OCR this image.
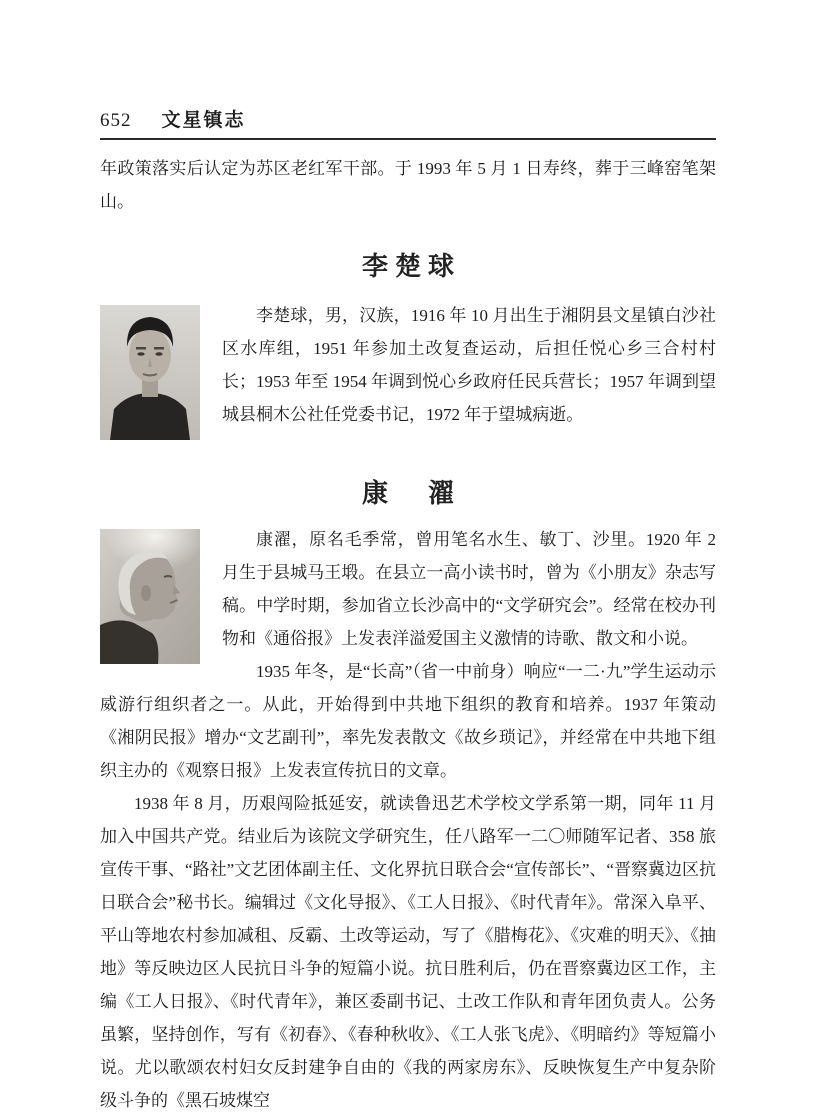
652 文星镇志

年政策落实后认定为苏区老红军干部。于 1993 年 5 月 1 日寿终，葬于三峰窑笔架山。

李楚球

李楚球，男，汉族，1916 年 10 月出生于湘阴县文星镇白沙社区水库组，1951 年参加土改复查运动，后担任悦心乡三合村村长；1953 年至 1954 年调到悦心乡政府任民兵营长；1957 年调到望城县桐木公社任党委书记，1972 年于望城病逝。

康　濯

康濯，原名毛季常，曾用笔名水生、敏丁、沙里。1920 年 2 月生于县城马王塅。在县立一高小读书时，曾为《小朋友》杂志写稿。中学时期，参加省立长沙高中的“文学研究会”。经常在校办刊物和《通俗报》上发表洋溢爱国主义激情的诗歌、散文和小说。

1935 年冬，是“长高”（省一中前身）响应“一二·九”学生运动示威游行组织者之一。从此，开始得到中共地下组织的教育和培养。1937 年策动《湘阴民报》增办“文艺副刊”，率先发表散文《故乡琐记》，并经常在中共地下组织主办的《观察日报》上发表宣传抗日的文章。

1938 年 8 月，历艰闯险抵延安，就读鲁迅艺术学校文学系第一期，同年 11 月加入中国共产党。结业后为该院文学研究生，任八路军一二〇师随军记者、358 旅宣传干事、“路社”文艺团体副主任、文化界抗日联合会“宣传部长”、“晋察冀边区抗日联合会”秘书长。编辑过《文化导报》、《工人日报》、《时代青年》。常深入阜平、平山等地农村参加减租、反霸、土改等运动，写了《腊梅花》、《灾难的明天》、《抽地》等反映边区人民抗日斗争的短篇小说。抗日胜利后，仍在晋察冀边区工作，主编《工人日报》、《时代青年》，兼区委副书记、土改工作队和青年团负责人。公务虽繁，坚持创作，写有《初春》、《春种秋收》、《工人张飞虎》、《明暗约》等短篇小说。尤以歌颂农村妇女反封建争自由的《我的两家房东》、反映恢复生产中复杂阶级斗争的《黑石坡煤空
